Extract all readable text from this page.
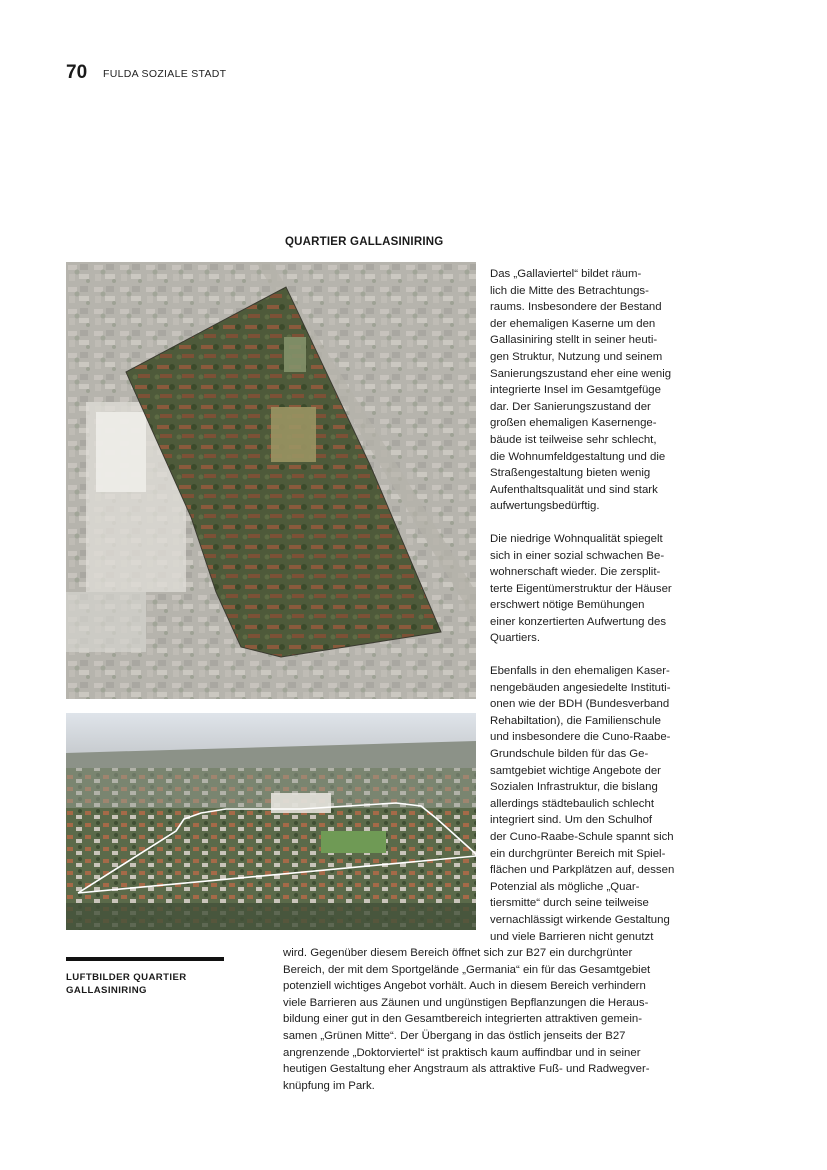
70 FULDA SOZIALE STADT
QUARTIER GALLASINIRING

Das „Gallaviertel“ bildet räum-
lich die Mitte des Betrachtungs-
raums. Insbesondere der Bestand
der ehemaligen Kaserne um den
Gallasiniring stellt in seiner heuti-
gen Struktur, Nutzung und seinem
Sanierungszustand eher eine wenig
integrierte Insel im Gesamtgefüge
dar. Der Sanierungszustand der
großen ehemaligen Kasernenge-
bäude ist teilweise sehr schlecht,
die Wohnumfeldgestaltung und die
Straßengestaltung bieten wenig
Aufenthaltsqualität und sind stark
aufwertungsbedürftig.

Die niedrige Wohnqualität spiegelt
sich in einer sozial schwachen Be-
wohnerschaft wieder. Die zersplit-
terte Eigentümerstruktur der Häuser
erschwert nötige Bemühungen
einer konzertierten Aufwertung des
Quartiers.

Ebenfalls in den ehemaligen Kaser-
nengebäuden angesiedelte Instituti-
onen wie der BDH (Bundesverband
Rehabiltation), die Familienschule
und insbesondere die Cuno-Raabe-
Grundschule bilden für das Ge-
samtgebiet wichtige Angebote der
Sozialen Infrastruktur, die bislang
allerdings städtebaulich schlecht
integriert sind. Um den Schulhof
der Cuno-Raabe-Schule spannt sich
ein durchgrünter Bereich mit Spiel-
flächen und Parkplätzen auf, dessen
Potenzial als mögliche „Quar-
tiersmitte“ durch seine teilweise
vernachlässigt wirkende Gestaltung
und viele Barrieren nicht genutzt

wird. Gegenüber diesem Bereich öffnet sich zur B27 ein durchgrünter
Bereich, der mit dem Sportgelände „Germania“ ein für das Gesamtgebiet
potenziell wichtiges Angebot vorhält. Auch in diesem Bereich verhindern
viele Barrieren aus Zäunen und ungünstigen Bepflanzungen die Heraus-
bildung einer gut in den Gesamtbereich integrierten attraktiven gemein-
samen „Grünen Mitte“. Der Übergang in das östlich jenseits der B27
angrenzende „Doktorviertel“ ist praktisch kaum auffindbar und in seiner
heutigen Gestaltung eher Angstraum als attraktive Fuß- und Radwegver-
knüpfung im Park.
LUFTBILDER QUARTIER
GALLASINIRING
